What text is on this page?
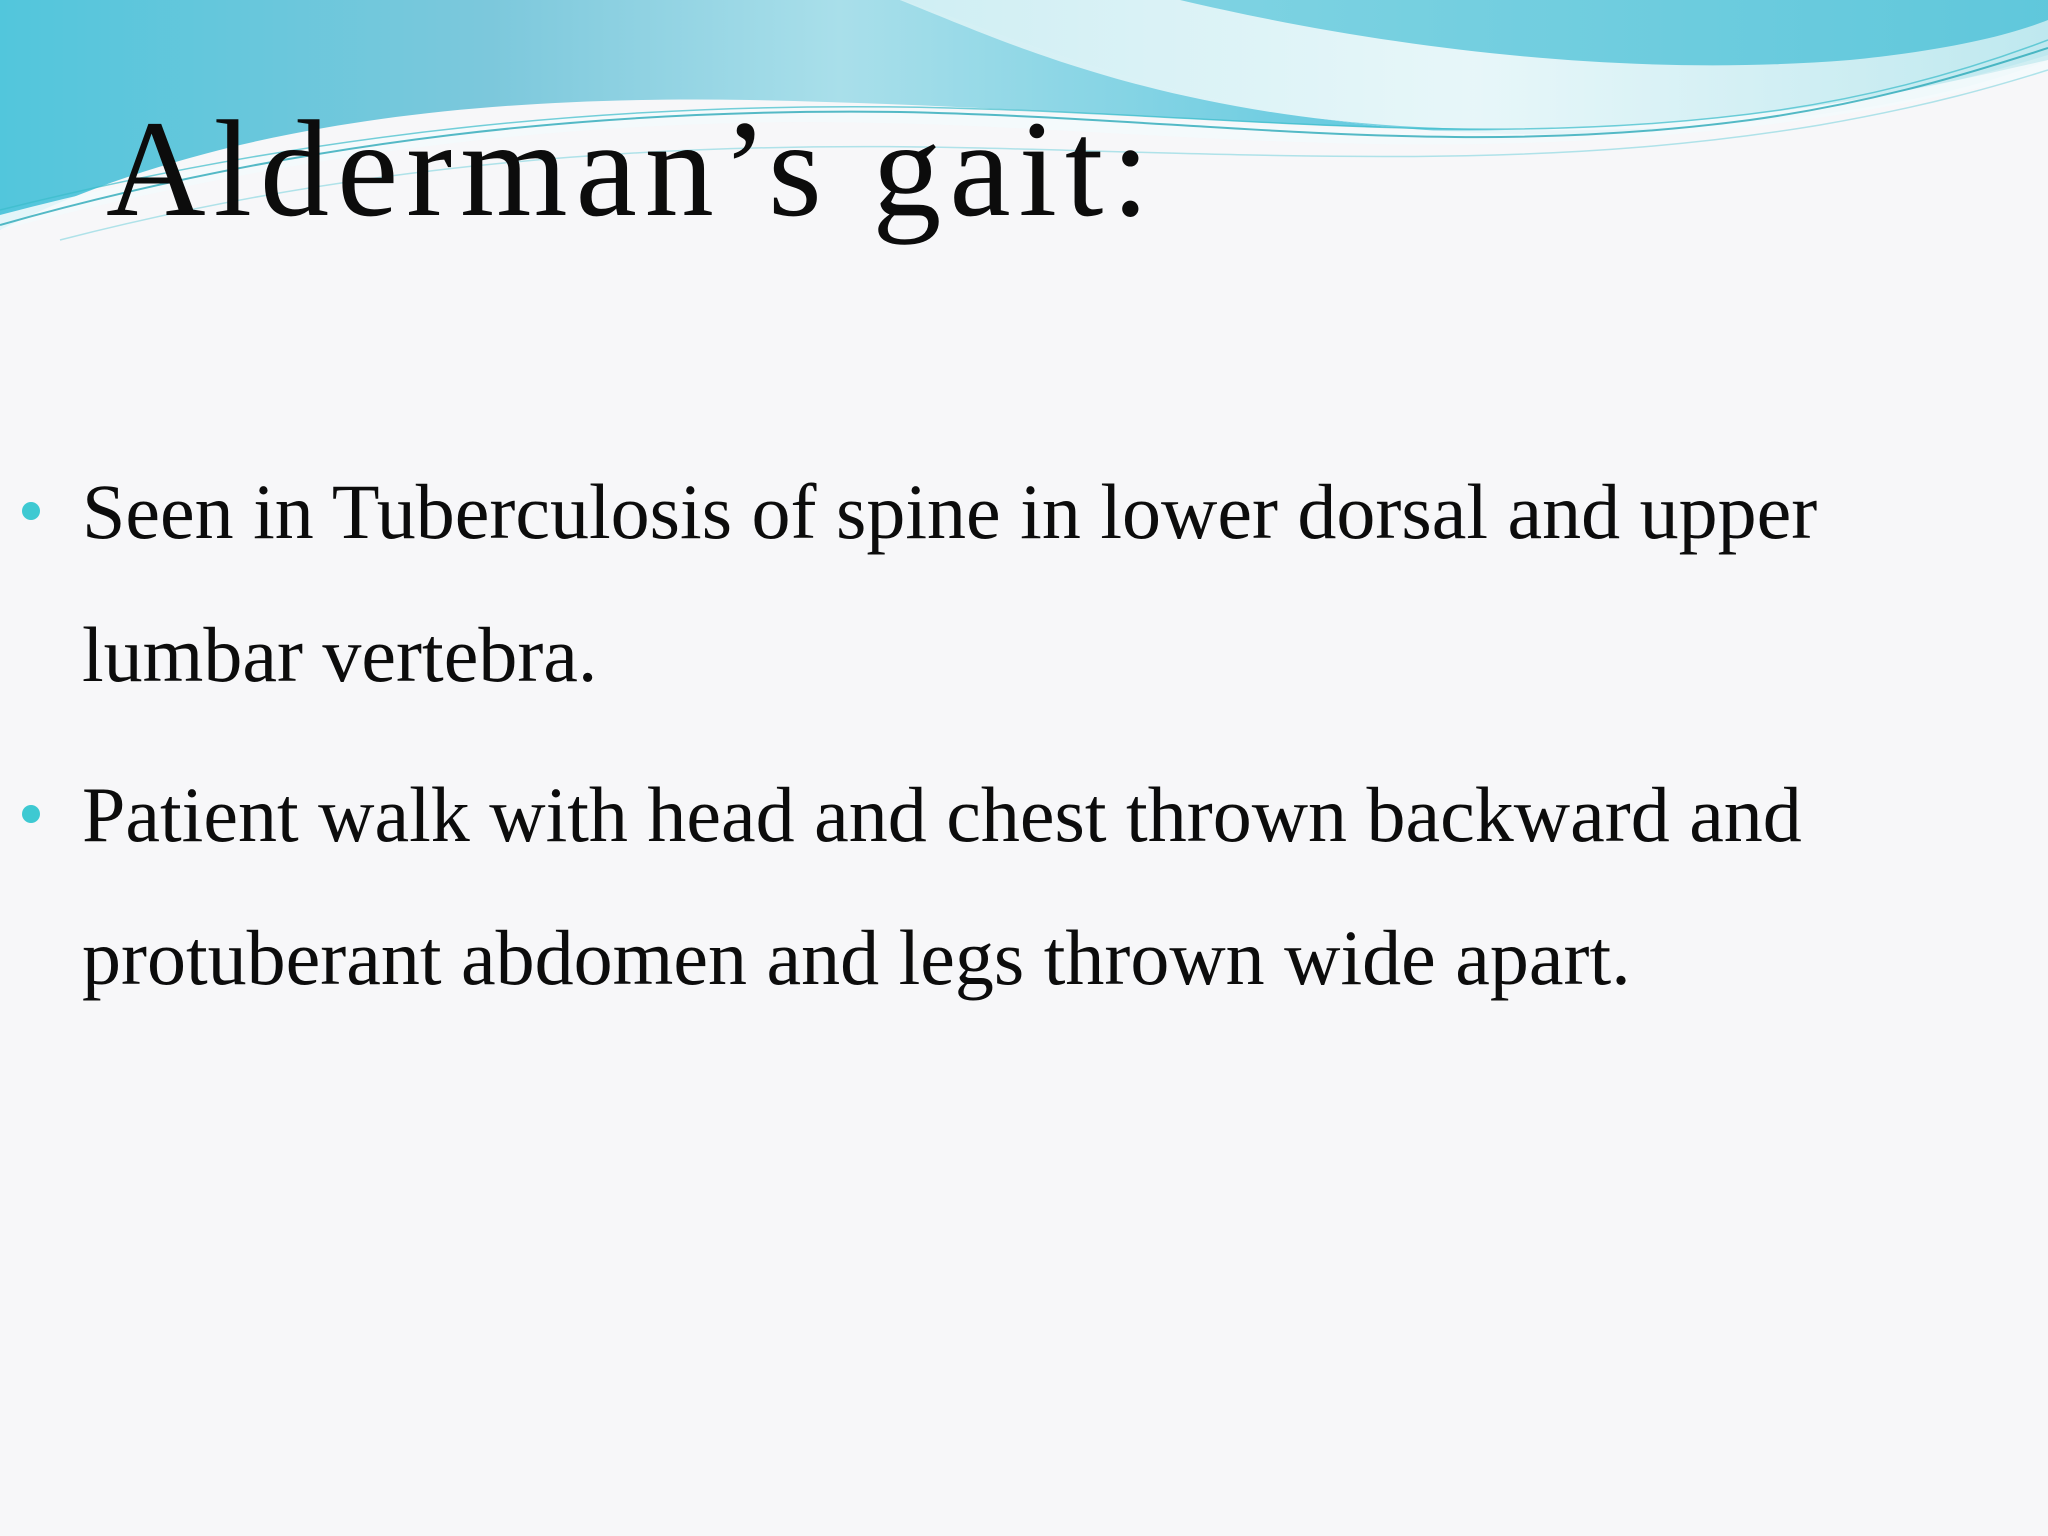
Alderman’s gait:
Seen in Tuberculosis of spine in lower dorsal and upper lumbar vertebra.
Patient walk with head and chest thrown backward and protuberant abdomen and legs thrown wide apart.
